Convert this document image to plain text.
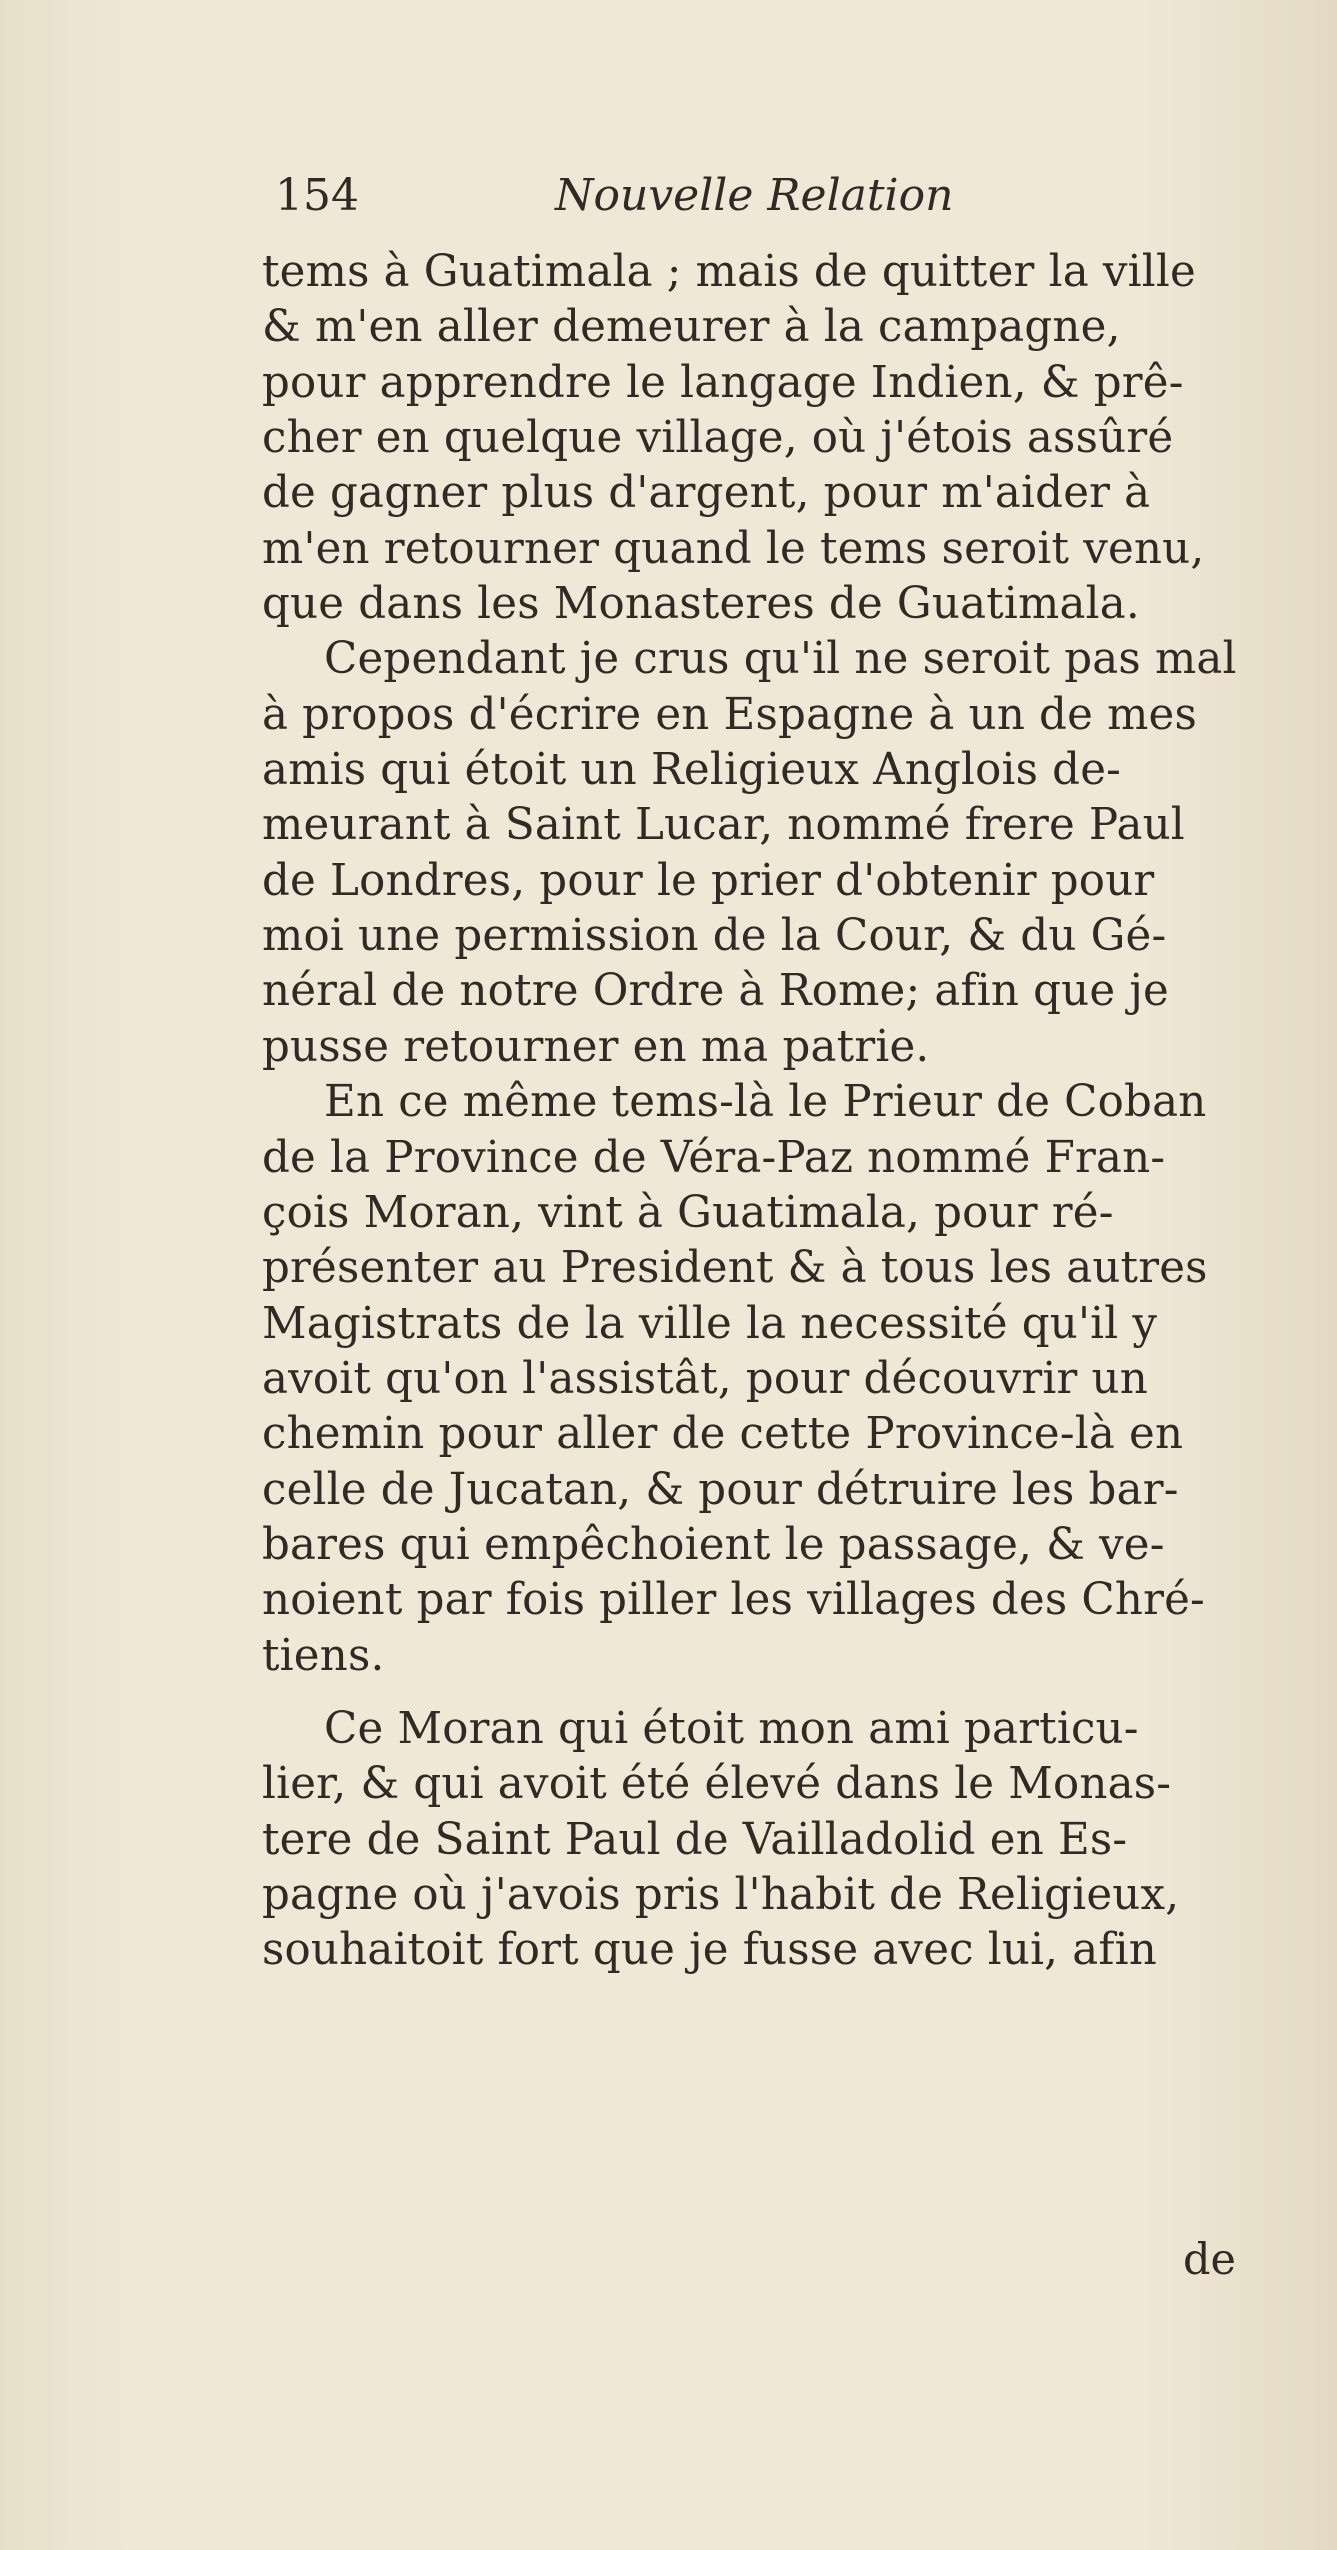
154	Nouvelle Relation
tems à Guatimala ; mais de quitter la ville
& m'en aller demeurer à la campagne,
pour apprendre le langage Indien, & prê-
cher en quelque village, où j'étois assûré
de gagner plus d'argent, pour m'aider à
m'en retourner quand le tems seroit venu,
que dans les Monasteres de Guatimala.
Cependant je crus qu'il ne seroit pas mal
à propos d'écrire en Espagne à un de mes
amis qui étoit un Religieux Anglois de-
meurant à Saint Lucar, nommé frere Paul
de Londres, pour le prier d'obtenir pour
moi une permission de la Cour, & du Gé-
néral de notre Ordre à Rome; afin que je
pusse retourner en ma patrie.
En ce même tems-là le Prieur de Coban
de la Province de Véra-Paz nommé Fran-
çois Moran, vint à Guatimala, pour ré-
présenter au President & à tous les autres
Magistrats de la ville la necessité qu'il y
avoit qu'on l'assistât, pour découvrir un
chemin pour aller de cette Province-là en
celle de Jucatan, & pour détruire les bar-
bares qui empêchoient le passage, & ve-
noient par fois piller les villages des Chré-
tiens.
Ce Moran qui étoit mon ami particu-
lier, & qui avoit été élevé dans le Monas-
tere de Saint Paul de Vailladolid en Es-
pagne où j'avois pris l'habit de Religieux,
souhaitoit fort que je fusse avec lui, afin
de
